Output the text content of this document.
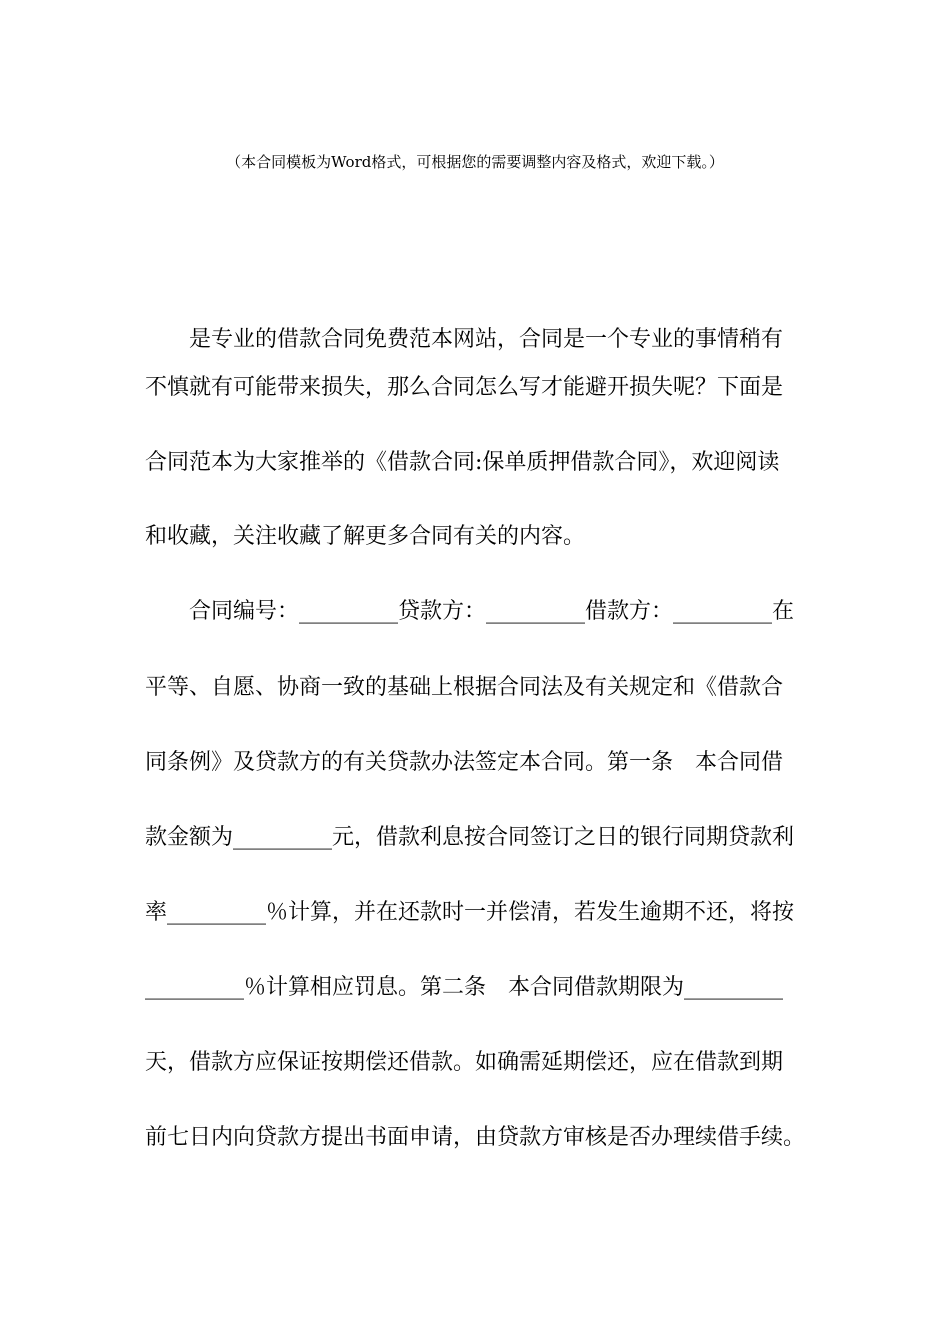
（本合同模板为Word格式，可根据您的需要调整内容及格式，欢迎下载。）
是专业的借款合同免费范本网站，合同是一个专业的事情稍有
不慎就有可能带来损失，那么合同怎么写才能避开损失呢？下面是
合同范本为大家推举的《借款合同:保单质押借款合同》，欢迎阅读
和收藏，关注收藏了解更多合同有关的内容。
合同编号：_________贷款方：_________借款方：_________在
平等、自愿、协商一致的基础上根据合同法及有关规定和《借款合
同条例》及贷款方的有关贷款办法签定本合同。第一条　本合同借
款金额为_________元，借款利息按合同签订之日的银行同期贷款利
率_________％计算，并在还款时一并偿清，若发生逾期不还，将按
_________％计算相应罚息。第二条　本合同借款期限为_________
天，借款方应保证按期偿还借款。如确需延期偿还，应在借款到期
前七日内向贷款方提出书面申请，由贷款方审核是否办理续借手续。
